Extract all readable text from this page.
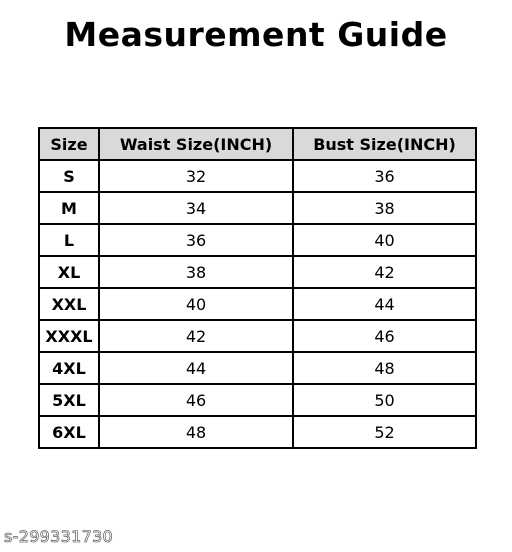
Measurement Guide
Size	Waist Size(INCH)	Bust Size(INCH)
S	32	36
M	34	38
L	36	40
XL	38	42
XXL	40	44
XXXL	42	46
4XL	44	48
5XL	46	50
6XL	48	52
s-299331730
